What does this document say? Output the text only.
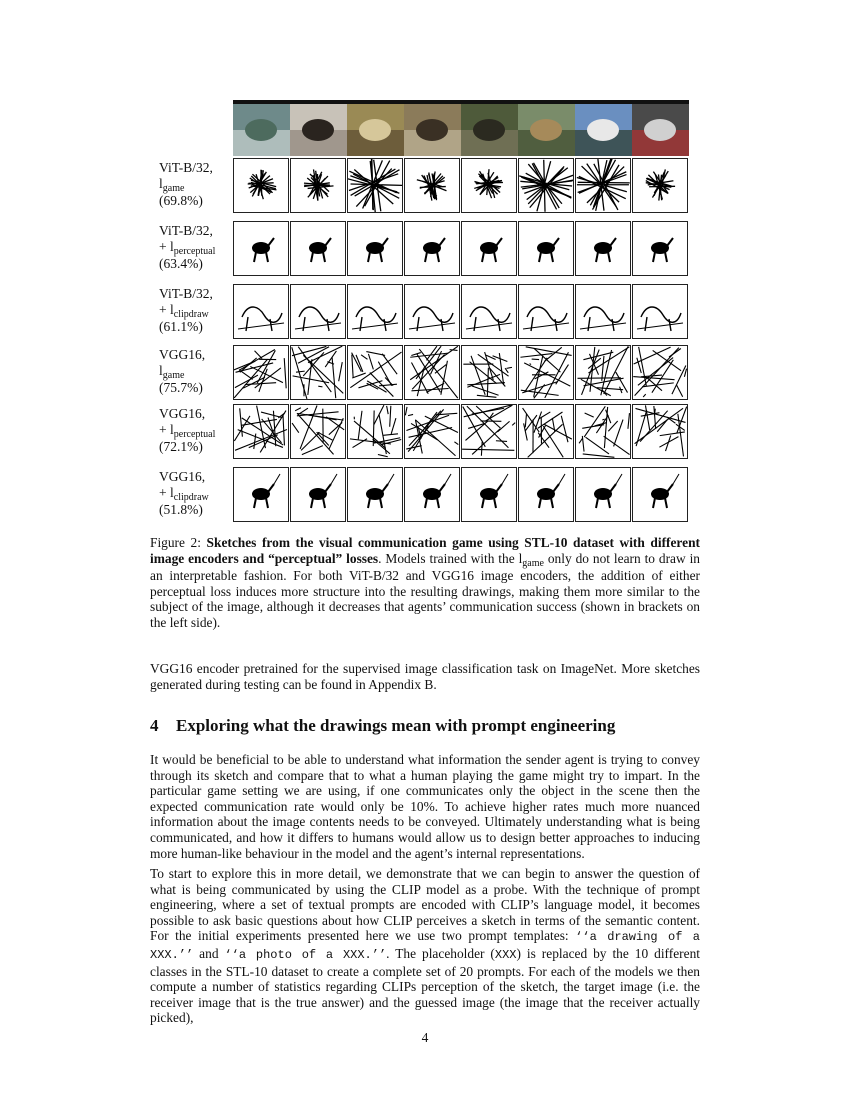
ViT-B/32,
$l_{game}$
(69.8%)
ViT-B/32,
+ $l_{perceptual}$
(63.4%)
ViT-B/32,
+ $l_{clipdraw}$
(61.1%)
VGG16,
$l_{game}$
(75.7%)
VGG16,
+ $l_{perceptual}$
(72.1%)
VGG16,
+ $l_{clipdraw}$
(51.8%)
Figure 2: Sketches from the visual communication game using STL-10 dataset with different image encoders and “perceptual” losses. Models trained with the $l_{game}$ only do not learn to draw in an interpretable fashion. For both ViT-B/32 and VGG16 image encoders, the addition of either perceptual loss induces more structure into the resulting drawings, making them more similar to the subject of the image, although it decreases that agents’ communication success (shown in brackets on the left side).

VGG16 encoder pretrained for the supervised image classification task on ImageNet. More sketches generated during testing can be found in Appendix B.

4 Exploring what the drawings mean with prompt engineering

It would be beneficial to be able to understand what information the sender agent is trying to convey through its sketch and compare that to what a human playing the game might try to impart. In the particular game setting we are using, if one communicates only the object in the scene then the expected communication rate would only be 10%. To achieve higher rates much more nuanced information about the image contents needs to be conveyed. Ultimately understanding what is being communicated, and how it differs to humans would allow us to design better approaches to inducing more human-like behaviour in the model and the agent’s internal representations.

To start to explore this in more detail, we demonstrate that we can begin to answer the question of what is being communicated by using the CLIP model as a probe. With the technique of prompt engineering, where a set of textual prompts are encoded with CLIP’s language model, it becomes possible to ask basic questions about how CLIP perceives a sketch in terms of the semantic content. For the initial experiments presented here we use two prompt templates: ‘‘a drawing of a XXX.’’ and ‘‘a photo of a XXX.’’. The placeholder (XXX) is replaced by the 10 different classes in the STL-10 dataset to create a complete set of 20 prompts. For each of the models we then compute a number of statistics regarding CLIPs perception of the sketch, the target image (i.e. the receiver image that is the true answer) and the guessed image (the image that the receiver actually picked),

4
